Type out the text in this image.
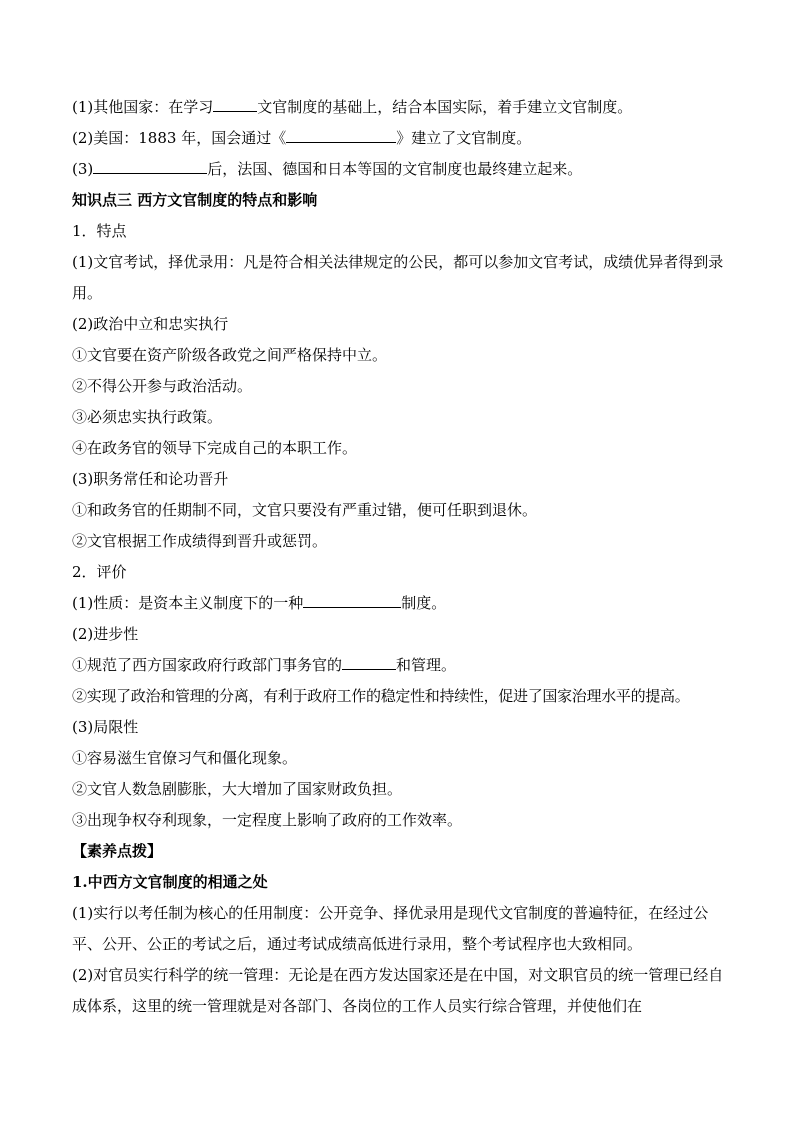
(1)其他国家：在学习	文官制度的基础上，结合本国实际，着手建立文官制度。
(2)美国：1883 年，国会通过《	》建立了文官制度。
(3)	后，法国、德国和日本等国的文官制度也最终建立起来。
知识点三 西方文官制度的特点和影响
1．特点
(1)文官考试，择优录用：凡是符合相关法律规定的公民，都可以参加文官考试，成绩优异者得到录用。
(2)政治中立和忠实执行
①文官要在资产阶级各政党之间严格保持中立。
②不得公开参与政治活动。
③必须忠实执行政策。
④在政务官的领导下完成自己的本职工作。
(3)职务常任和论功晋升
①和政务官的任期制不同，文官只要没有严重过错，便可任职到退休。
②文官根据工作成绩得到晋升或惩罚。
2．评价
(1)性质：是资本主义制度下的一种	制度。
(2)进步性
①规范了西方国家政府行政部门事务官的	和管理。
②实现了政治和管理的分离，有利于政府工作的稳定性和持续性，促进了国家治理水平的提高。
(3)局限性
①容易滋生官僚习气和僵化现象。
②文官人数急剧膨胀，大大增加了国家财政负担。
③出现争权夺利现象，一定程度上影响了政府的工作效率。
【素养点拨】
1.中西方文官制度的相通之处
(1)实行以考任制为核心的任用制度：公开竞争、择优录用是现代文官制度的普遍特征，在经过公平、公开、公正的考试之后，通过考试成绩高低进行录用，整个考试程序也大致相同。
(2)对官员实行科学的统一管理：无论是在西方发达国家还是在中国，对文职官员的统一管理已经自成体系，这里的统一管理就是对各部门、各岗位的工作人员实行综合管理，并使他们在
